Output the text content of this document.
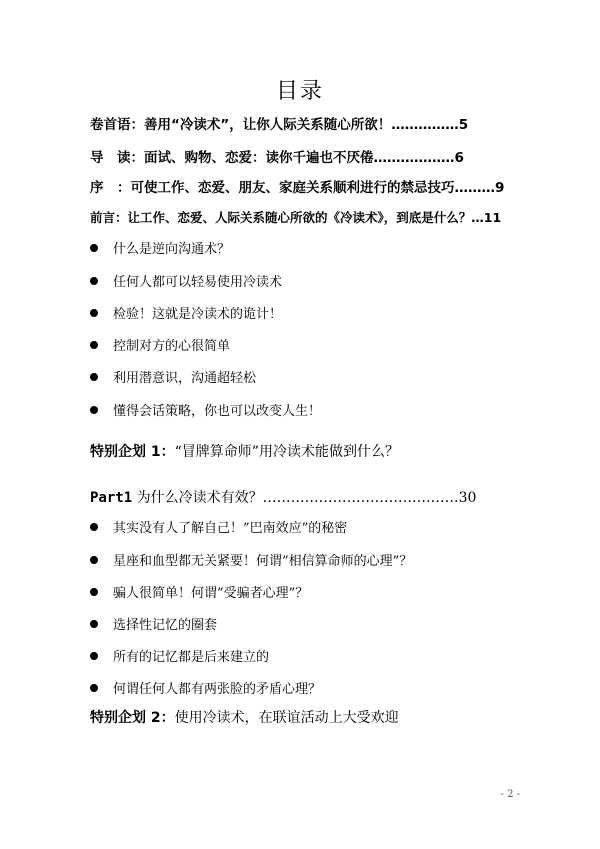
目录
卷首语：善用“冷读术”，让你人际关系随心所欲！……………5
导　读：面试、购物、恋爱：读你千遍也不厌倦………………6
序　：可使工作、恋爱、朋友、家庭关系顺利进行的禁忌技巧………9
前言：让工作、恋爱、人际关系随心所欲的《冷读术》，到底是什么？…11
什么是逆向沟通术？
任何人都可以轻易使用冷读术
检验！这就是冷读术的诡计！
控制对方的心很简单
利用潜意识，沟通超轻松
懂得会话策略，你也可以改变人生！
特别企划 1：“冒牌算命师”用冷读术能做到什么？
Part1 为什么冷读术有效？……………………………………30
其实没有人了解自己！”巴南效应”的秘密
星座和血型都无关紧要！何谓”相信算命师的心理”？
骗人很简单！何谓”受骗者心理”？
选择性记忆的圈套
所有的记忆都是后来建立的
何谓任何人都有两张脸的矛盾心理？
特别企划 2：使用冷读术，在联谊活动上大受欢迎
- 2 -
